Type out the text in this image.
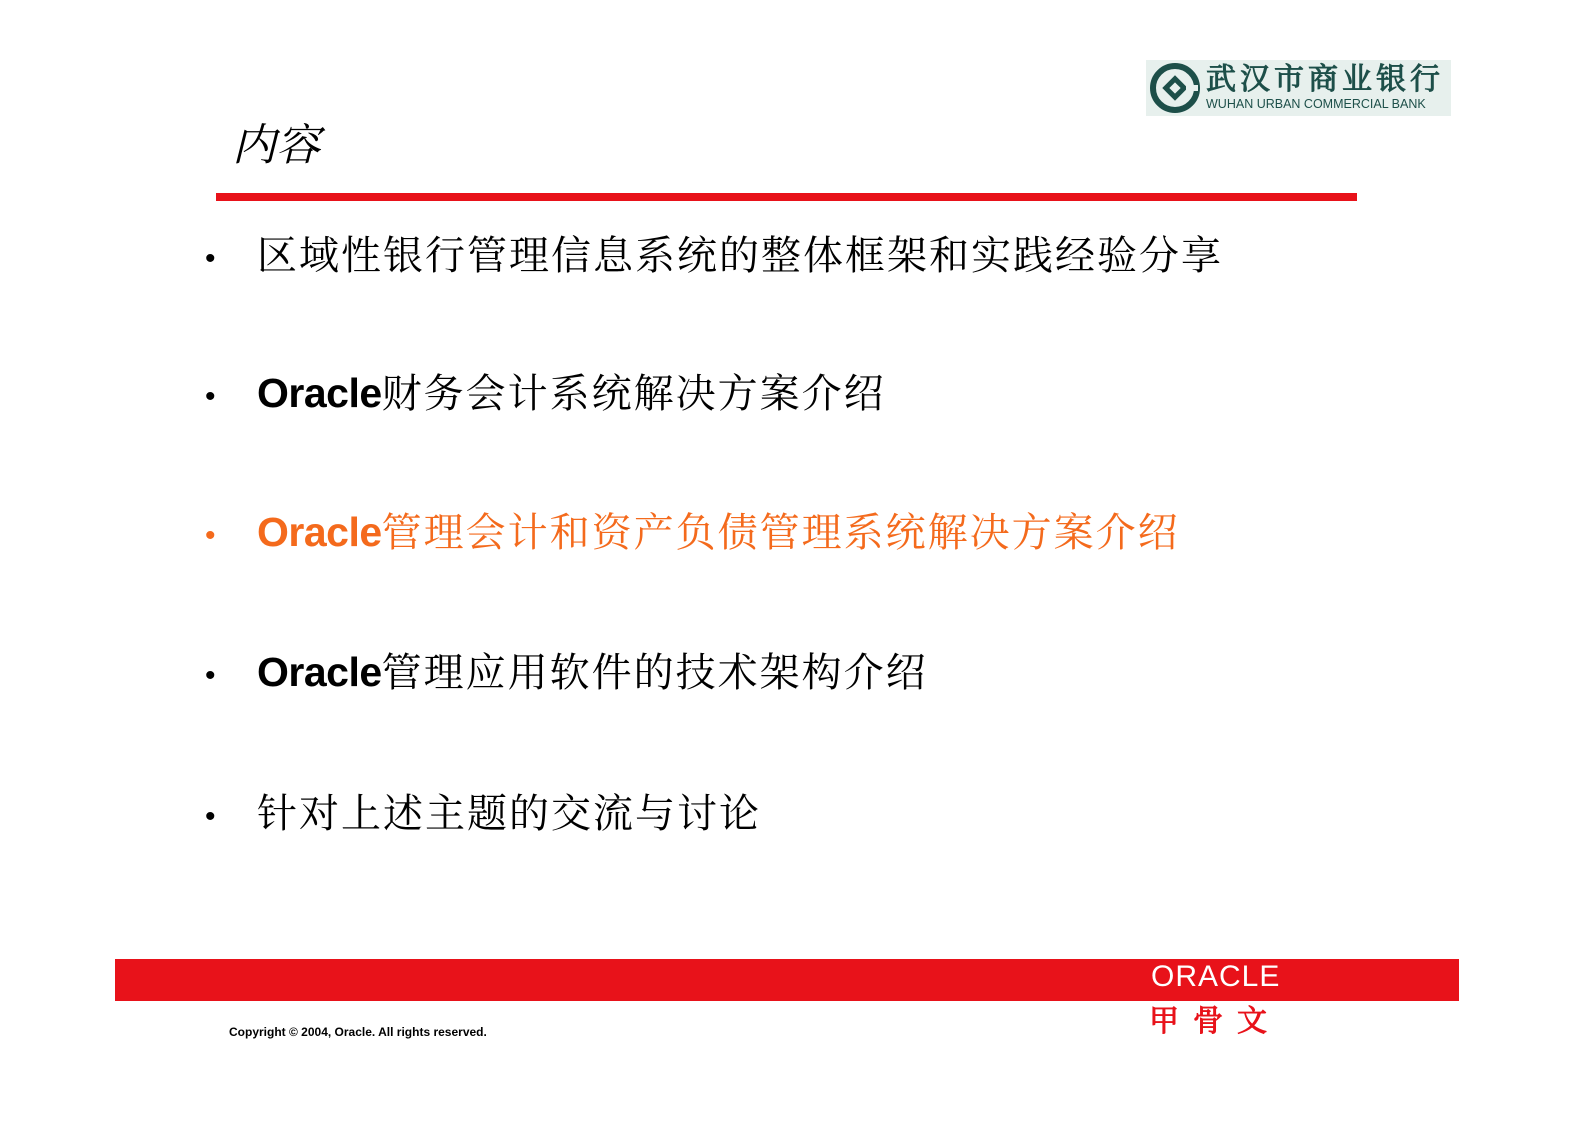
武汉市商业银行
WUHAN URBAN COMMERCIAL BANK
内容
• 区域性银行管理信息系统的整体框架和实践经验分享
• Oracle财务会计系统解决方案介绍
• Oracle管理会计和资产负债管理系统解决方案介绍
• Oracle管理应用软件的技术架构介绍
• 针对上述主题的交流与讨论
ORACLE
甲骨文
Copyright © 2004, Oracle. All rights reserved.
